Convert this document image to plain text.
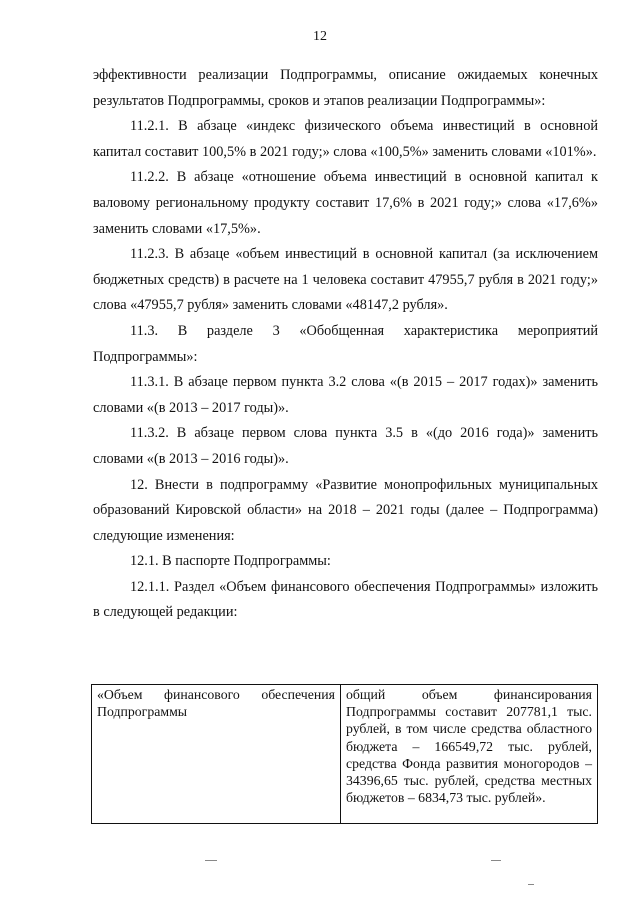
12

эффективности реализации Подпрограммы, описание ожидаемых конечных результатов Подпрограммы, сроков и этапов реализации Подпрограммы»:

11.2.1. В абзаце «индекс физического объема инвестиций в основной капитал составит 100,5% в 2021 году;» слова «100,5%» заменить словами «101%».

11.2.2. В абзаце «отношение объема инвестиций в основной капитал к валовому региональному продукту составит 17,6% в 2021 году;» слова «17,6%» заменить словами «17,5%».

11.2.3. В абзаце «объем инвестиций в основной капитал (за исключением бюджетных средств) в расчете на 1 человека составит 47955,7 рубля в 2021 году;» слова «47955,7 рубля» заменить словами «48147,2 рубля».

11.3. В разделе 3 «Обобщенная характеристика мероприятий Подпрограммы»:

11.3.1. В абзаце первом пункта 3.2 слова «(в 2015 – 2017 годах)» заменить словами «(в 2013 – 2017 годы)».

11.3.2. В абзаце первом слова пункта 3.5 в «(до 2016 года)» заменить словами «(в 2013 – 2016 годы)».

12. Внести в подпрограмму «Развитие монопрофильных муниципальных образований Кировской области» на 2018 – 2021 годы (далее – Подпрограмма) следующие изменения:

12.1. В паспорте Подпрограммы:

12.1.1. Раздел «Объем финансового обеспечения Подпрограммы» изложить в следующей редакции:

«Объем финансового обеспечения Подпрограммы	общий объем финансирования Подпрограммы составит 207781,1 тыс. рублей, в том числе средства областного бюджета – 166549,72 тыс. рублей, средства Фонда развития моногородов – 34396,65 тыс. рублей, средства местных бюджетов – 6834,73 тыс. рублей».
